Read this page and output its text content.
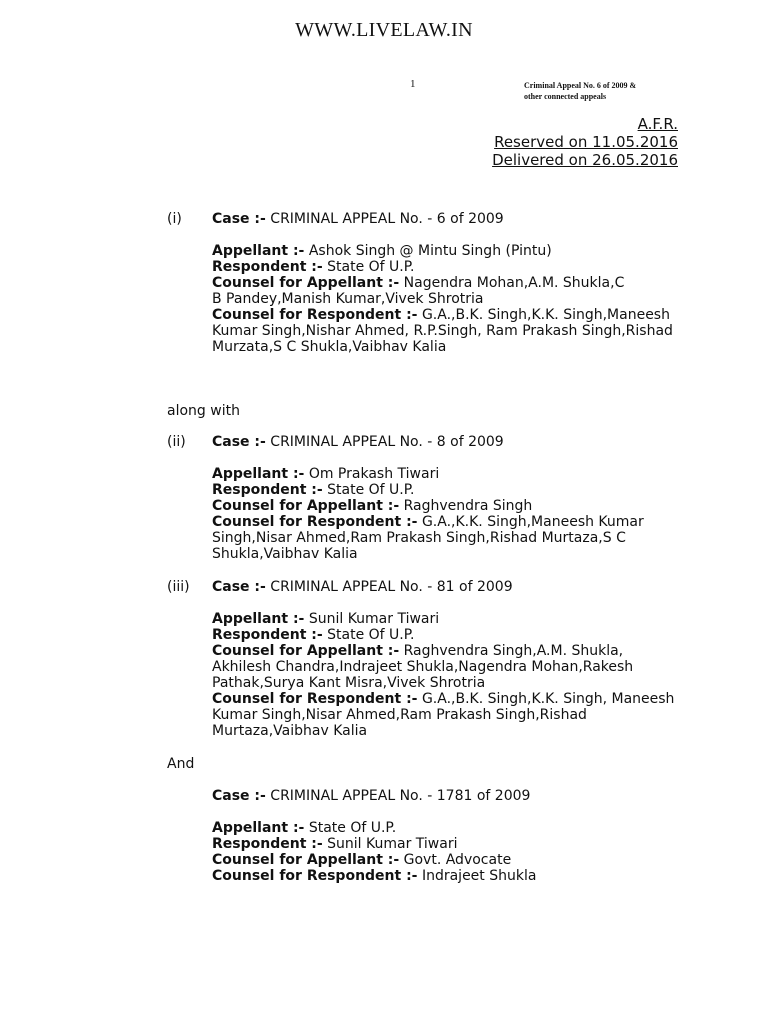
WWW.LIVELAW.IN
1	Criminal Appeal No. 6 of 2009 &
other connected appeals
A.F.R.
Reserved on 11.05.2016
Delivered on 26.05.2016
(i) Case :- CRIMINAL APPEAL No. - 6 of 2009
Appellant :- Ashok Singh @ Mintu Singh (Pintu)
Respondent :- State Of U.P.
Counsel for Appellant :- Nagendra Mohan,A.M. Shukla,C B Pandey,Manish Kumar,Vivek Shrotria
Counsel for Respondent :- G.A.,B.K. Singh,K.K. Singh,Maneesh Kumar Singh,Nishar Ahmed, R.P.Singh, Ram Prakash Singh,Rishad Murzata,S C Shukla,Vaibhav Kalia
along with
(ii) Case :- CRIMINAL APPEAL No. - 8 of 2009
Appellant :- Om Prakash Tiwari
Respondent :- State Of U.P.
Counsel for Appellant :- Raghvendra Singh
Counsel for Respondent :- G.A.,K.K. Singh,Maneesh Kumar Singh,Nisar Ahmed,Ram Prakash Singh,Rishad Murtaza,S C Shukla,Vaibhav Kalia
(iii) Case :- CRIMINAL APPEAL No. - 81 of 2009
Appellant :- Sunil Kumar Tiwari
Respondent :- State Of U.P.
Counsel for Appellant :- Raghvendra Singh,A.M. Shukla, Akhilesh Chandra,Indrajeet Shukla,Nagendra Mohan,Rakesh Pathak,Surya Kant Misra,Vivek Shrotria
Counsel for Respondent :- G.A.,B.K. Singh,K.K. Singh, Maneesh Kumar Singh,Nisar Ahmed,Ram Prakash Singh,Rishad Murtaza,Vaibhav Kalia
And
Case :- CRIMINAL APPEAL No. - 1781 of 2009
Appellant :- State Of U.P.
Respondent :- Sunil Kumar Tiwari
Counsel for Appellant :- Govt. Advocate
Counsel for Respondent :- Indrajeet Shukla
